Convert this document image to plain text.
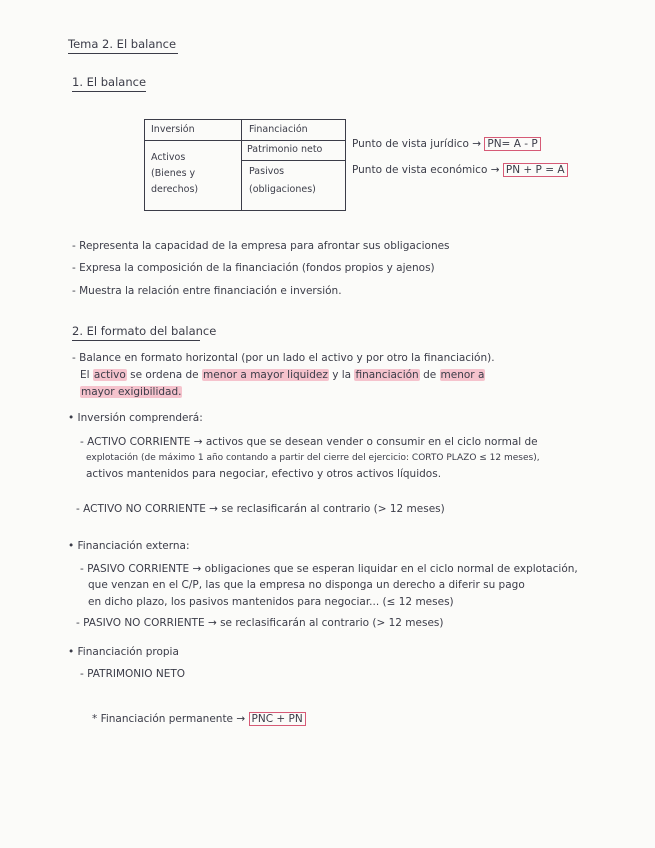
Tema 2. El balance
1. El balance
Inversión	Financiación
Activos
(Bienes y
derechos)
Patrimonio neto
Pasivos
(obligaciones)
Punto de vista jurídico → PN= A - P
Punto de vista económico → PN + P = A
- Representa la capacidad de la empresa para afrontar sus obligaciones
- Expresa la composición de la financiación (fondos propios y ajenos)
- Muestra la relación entre financiación e inversión.
2. El formato del balance
- Balance en formato horizontal (por un lado el activo y por otro la financiación).
El activo se ordena de menor a mayor liquidez y la financiación de menor a
mayor exigibilidad.
• Inversión comprenderá:
- ACTIVO CORRIENTE → activos que se desean vender o consumir en el ciclo normal de
explotación (de máximo 1 año contando a partir del cierre del ejercicio: CORTO PLAZO ≤ 12 meses),
activos mantenidos para negociar, efectivo y otros activos líquidos.
- ACTIVO NO CORRIENTE → se reclasificarán al contrario (> 12 meses)
• Financiación externa:
- PASIVO CORRIENTE → obligaciones que se esperan liquidar en el ciclo normal de explotación,
que venzan en el C/P, las que la empresa no disponga un derecho a diferir su pago
en dicho plazo, los pasivos mantenidos para negociar... (≤ 12 meses)
- PASIVO NO CORRIENTE → se reclasificarán al contrario (> 12 meses)
• Financiación propia
- PATRIMONIO NETO
* Financiación permanente → PNC + PN
